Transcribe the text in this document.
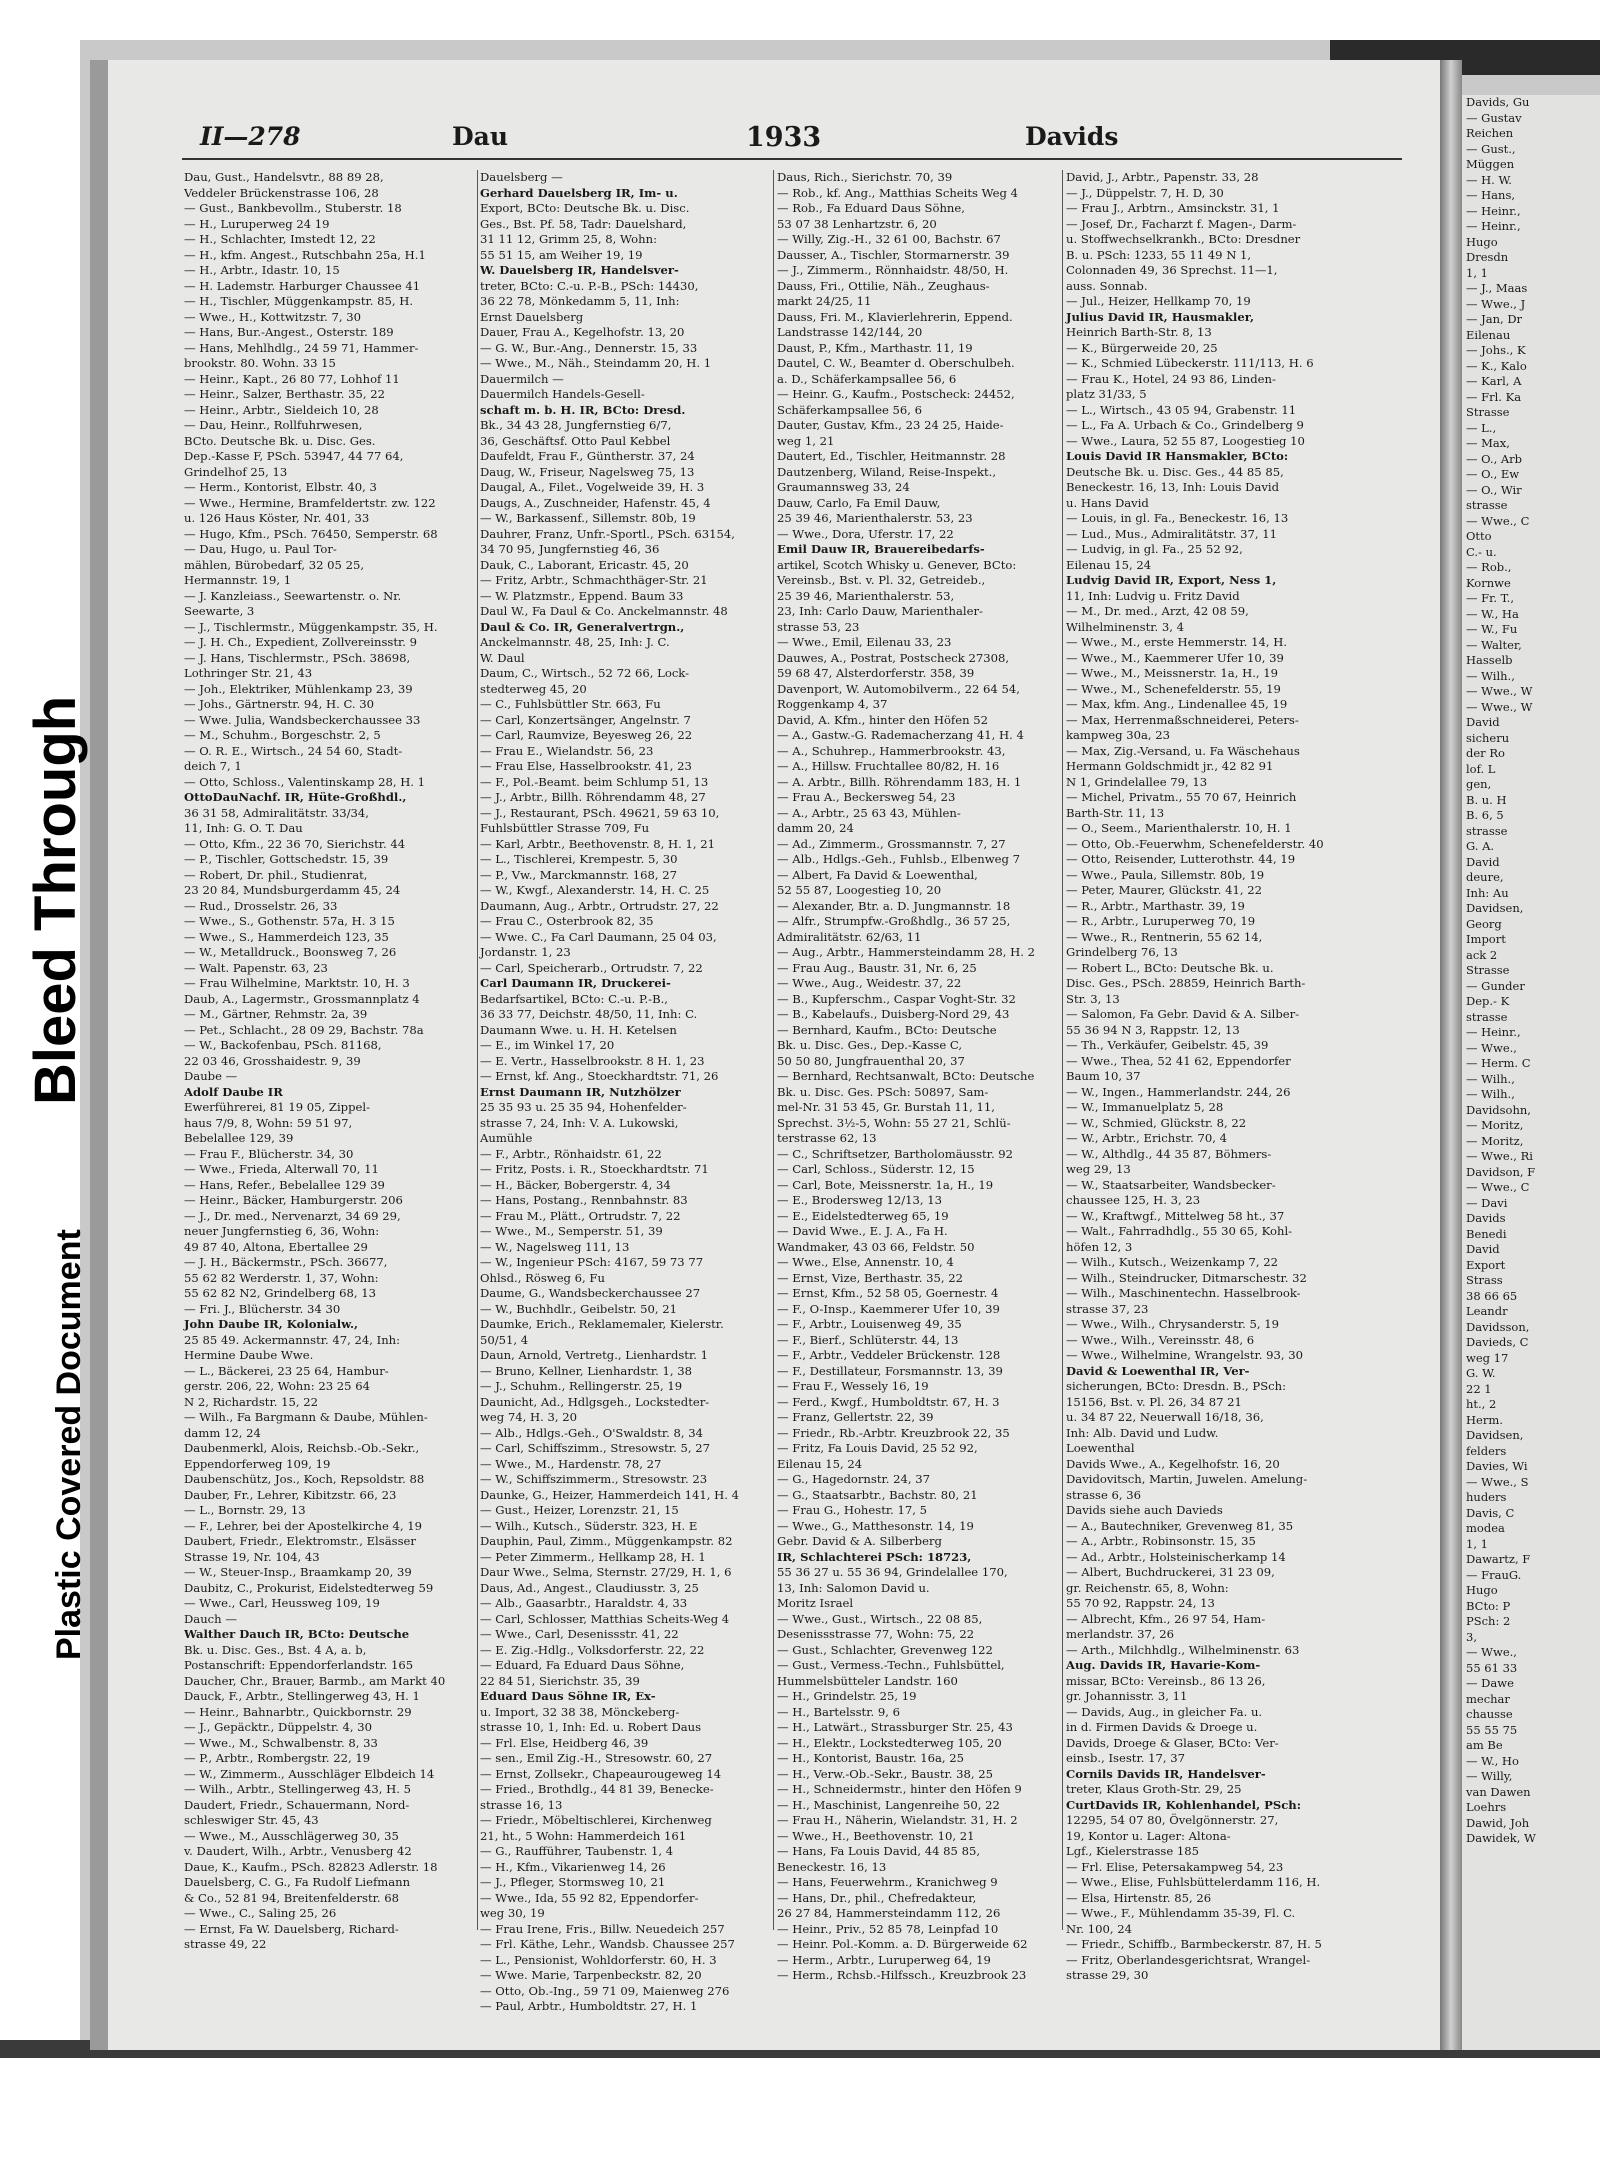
Davids, Gu
— Gustav
Reichen
— Gust.,
Müggen
— H. W.
— Hans,
— Heinr.,
— Heinr.,
Hugo
Dresdn
1, 1
— J., Maas
— Wwe., J
— Jan, Dr
Eilenau
— Johs., K
— K., Kalo
— Karl, A
— Frl. Ka
Strasse
— L.,
— Max,
— O., Arb
— O., Ew
— O., Wir
strasse
— Wwe., C
Otto
C.- u.
— Rob.,
Kornwe
— Fr. T.,
— W., Ha
— W., Fu
— Walter,
Hasselb
— Wilh.,
— Wwe., W
— Wwe., W
David
sicheru
der Ro
lof. L
gen,
B. u. H
B. 6, 5
strasse
G. A.
David
deure,
Inh: Au
Davidsen,
Georg
Import
ack 2
Strasse
— Gunder
Dep.- K
strasse
— Heinr.,
— Wwe.,
— Herm. C
— Wilh.,
— Wilh.,
Davidsohn,
— Moritz,
— Moritz,
— Wwe., Ri
Davidson, F
— Wwe., C
— Davi
Davids
Benedi
David
Export
Strass
38 66 65
Leandr
Davidsson,
Davieds, C
weg 17
G. W.
22 1
ht., 2
Herm.
Davidsen,
felders
Davies, Wi
— Wwe., S
huders
Davis, C
modea
1, 1
Dawartz, F
— FrauG.
Hugo
BCto: P
PSch: 2
3,
— Wwe.,
55 61 33
— Dawe
mechar
chausse
55 55 75
am Be
— W., Ho
— Willy,
van Dawen
Loehrs
Dawid, Joh
Dawidek, W
Bleed Through
Plastic Covered Document
II—278	Dau	1933	Davids
Dau, Gust., Handelsvtr., 88 89 28,
Veddeler Brückenstrasse 106, 28
— Gust., Bankbevollm., Stuberstr. 18
— H., Luruperweg 24 19
— H., Schlachter, Imstedt 12, 22
— H., kfm. Angest., Rutschbahn 25a, H.1
— H., Arbtr., Idastr. 10, 15
— H. Lademstr. Harburger Chaussee 41
— H., Tischler, Müggenkampstr. 85, H.
— Wwe., H., Kottwitzstr. 7, 30
— Hans, Bur.-Angest., Osterstr. 189
— Hans, Mehlhdlg., 24 59 71, Hammer-
brookstr. 80. Wohn. 33 15
— Heinr., Kapt., 26 80 77, Lohhof 11
— Heinr., Salzer, Berthastr. 35, 22
— Heinr., Arbtr., Sieldeich 10, 28
— Dau, Heinr., Rollfuhrwesen,
BCto. Deutsche Bk. u. Disc. Ges.
Dep.-Kasse F, PSch. 53947, 44 77 64,
Grindelhof 25, 13
— Herm., Kontorist, Elbstr. 40, 3
— Wwe., Hermine, Bramfeldertstr. zw. 122
u. 126 Haus Köster, Nr. 401, 33
— Hugo, Kfm., PSch. 76450, Semperstr. 68
— Dau, Hugo, u. Paul Tor-
mählen, Bürobedarf, 32 05 25,
Hermannstr. 19, 1
— J. Kanzleiass., Seewartenstr. o. Nr.
Seewarte, 3
— J., Tischlermstr., Müggenkampstr. 35, H.
— J. H. Ch., Expedient, Zollvereinsstr. 9
— J. Hans, Tischlermstr., PSch. 38698,
Lothringer Str. 21, 43
— Joh., Elektriker, Mühlenkamp 23, 39
— Johs., Gärtnerstr. 94, H. C. 30
— Wwe. Julia, Wandsbeckerchaussee 33
— M., Schuhm., Borgeschstr. 2, 5
— O. R. E., Wirtsch., 24 54 60, Stadt-
deich 7, 1
— Otto, Schloss., Valentinskamp 28, H. 1
OttoDauNachf. IR, Hüte-Großhdl.,
36 31 58, Admiralitätstr. 33/34,
11, Inh: G. O. T. Dau
— Otto, Kfm., 22 36 70, Sierichstr. 44
— P., Tischler, Gottschedstr. 15, 39
— Robert, Dr. phil., Studienrat,
23 20 84, Mundsburgerdamm 45, 24
— Rud., Drosselstr. 26, 33
— Wwe., S., Gothenstr. 57a, H. 3 15
— Wwe., S., Hammerdeich 123, 35
— W., Metalldruck., Boonsweg 7, 26
— Walt. Papenstr. 63, 23
— Frau Wilhelmine, Marktstr. 10, H. 3
Daub, A., Lagermstr., Grossmannplatz 4
— M., Gärtner, Rehmstr. 2a, 39
— Pet., Schlacht., 28 09 29, Bachstr. 78a
— W., Backofenbau, PSch. 81168,
22 03 46, Grosshaidestr. 9, 39
Daube —
Adolf Daube IR
Ewerführerei, 81 19 05, Zippel-
haus 7/9, 8, Wohn: 59 51 97,
Bebelallee 129, 39
— Frau F., Blücherstr. 34, 30
— Wwe., Frieda, Alterwall 70, 11
— Hans, Refer., Bebelallee 129 39
— Heinr., Bäcker, Hamburgerstr. 206
— J., Dr. med., Nervenarzt, 34 69 29,
neuer Jungfernstieg 6, 36, Wohn:
49 87 40, Altona, Ebertallee 29
— J. H., Bäckermstr., PSch. 36677,
55 62 82 Werderstr. 1, 37, Wohn:
55 62 82 N2, Grindelberg 68, 13
— Fri. J., Blücherstr. 34 30
John Daube IR, Kolonialw.,
25 85 49. Ackermannstr. 47, 24, Inh:
Hermine Daube Wwe.
— L., Bäckerei, 23 25 64, Hambur-
gerstr. 206, 22, Wohn: 23 25 64
N 2, Richardstr. 15, 22
— Wilh., Fa Bargmann & Daube, Mühlen-
damm 12, 24
Daubenmerkl, Alois, Reichsb.-Ob.-Sekr.,
Eppendorferweg 109, 19
Daubenschütz, Jos., Koch, Repsoldstr. 88
Dauber, Fr., Lehrer, Kibitzstr. 66, 23
— L., Bornstr. 29, 13
— F., Lehrer, bei der Apostelkirche 4, 19
Daubert, Friedr., Elektromstr., Elsässer
Strasse 19, Nr. 104, 43
— W., Steuer-Insp., Braamkamp 20, 39
Daubitz, C., Prokurist, Eidelstedterweg 59
— Wwe., Carl, Heussweg 109, 19
Dauch —
Walther Dauch IR, BCto: Deutsche
Bk. u. Disc. Ges., Bst. 4 A, a. b,
Postanschrift: Eppendorferlandstr. 165
Daucher, Chr., Brauer, Barmb., am Markt 40
Dauck, F., Arbtr., Stellingerweg 43, H. 1
— Heinr., Bahnarbtr., Quickbornstr. 29
— J., Gepäcktr., Düppelstr. 4, 30
— Wwe., M., Schwalbenstr. 8, 33
— P., Arbtr., Rombergstr. 22, 19
— W., Zimmerm., Ausschläger Elbdeich 14
— Wilh., Arbtr., Stellingerweg 43, H. 5
Daudert, Friedr., Schauermann, Nord-
schleswiger Str. 45, 43
— Wwe., M., Ausschlägerweg 30, 35
v. Daudert, Wilh., Arbtr., Venusberg 42
Daue, K., Kaufm., PSch. 82823 Adlerstr. 18
Dauelsberg, C. G., Fa Rudolf Liefmann
& Co., 52 81 94, Breitenfelderstr. 68
— Wwe., C., Saling 25, 26
— Ernst, Fa W. Dauelsberg, Richard-
strasse 49, 22
Dauelsberg —
Gerhard Dauelsberg IR, Im- u.
Export, BCto: Deutsche Bk. u. Disc.
Ges., Bst. Pf. 58, Tadr: Dauelshard,
31 11 12, Grimm 25, 8, Wohn:
55 51 15, am Weiher 19, 19
W. Dauelsberg IR, Handelsver-
treter, BCto: C.-u. P.-B., PSch: 14430,
36 22 78, Mönkedamm 5, 11, Inh:
Ernst Dauelsberg
Dauer, Frau A., Kegelhofstr. 13, 20
— G. W., Bur.-Ang., Dennerstr. 15, 33
— Wwe., M., Näh., Steindamm 20, H. 1
Dauermilch —
Dauermilch Handels-Gesell-
schaft m. b. H. IR, BCto: Dresd.
Bk., 34 43 28, Jungfernstieg 6/7,
36, Geschäftsf. Otto Paul Kebbel
Daufeldt, Frau F., Güntherstr. 37, 24
Daug, W., Friseur, Nagelsweg 75, 13
Daugal, A., Filet., Vogelweide 39, H. 3
Daugs, A., Zuschneider, Hafenstr. 45, 4
— W., Barkassenf., Sillemstr. 80b, 19
Dauhrer, Franz, Unfr.-Sportl., PSch. 63154,
34 70 95, Jungfernstieg 46, 36
Dauk, C., Laborant, Ericastr. 45, 20
— Fritz, Arbtr., Schmachthäger-Str. 21
— W. Platzmstr., Eppend. Baum 33
Daul W., Fa Daul & Co. Anckelmannstr. 48
Daul & Co. IR, Generalvertrgn.,
Anckelmannstr. 48, 25, Inh: J. C.
W. Daul
Daum, C., Wirtsch., 52 72 66, Lock-
stedterweg 45, 20
— C., Fuhlsbüttler Str. 663, Fu
— Carl, Konzertsänger, Angelnstr. 7
— Carl, Raumvize, Beyesweg 26, 22
— Frau E., Wielandstr. 56, 23
— Frau Else, Hasselbrookstr. 41, 23
— F., Pol.-Beamt. beim Schlump 51, 13
— J., Arbtr., Billh. Röhrendamm 48, 27
— J., Restaurant, PSch. 49621, 59 63 10,
Fuhlsbüttler Strasse 709, Fu
— Karl, Arbtr., Beethovenstr. 8, H. 1, 21
— L., Tischlerei, Krempestr. 5, 30
— P., Vw., Marckmannstr. 168, 27
— W., Kwgf., Alexanderstr. 14, H. C. 25
Daumann, Aug., Arbtr., Ortrudstr. 27, 22
— Frau C., Osterbrook 82, 35
— Wwe. C., Fa Carl Daumann, 25 04 03,
Jordanstr. 1, 23
— Carl, Speicherarb., Ortrudstr. 7, 22
Carl Daumann IR, Druckerei-
Bedarfsartikel, BCto: C.-u. P.-B.,
36 33 77, Deichstr. 48/50, 11, Inh: C.
Daumann Wwe. u. H. H. Ketelsen
— E., im Winkel 17, 20
— E. Vertr., Hasselbrookstr. 8 H. 1, 23
— Ernst, kf. Ang., Stoeckhardtstr. 71, 26
Ernst Daumann IR, Nutzhölzer
25 35 93 u. 25 35 94, Hohenfelder-
strasse 7, 24, Inh: V. A. Lukowski,
Aumühle
— F., Arbtr., Rönhaidstr. 61, 22
— Fritz, Posts. i. R., Stoeckhardtstr. 71
— H., Bäcker, Bobergerstr. 4, 34
— Hans, Postang., Rennbahnstr. 83
— Frau M., Plätt., Ortrudstr. 7, 22
— Wwe., M., Semperstr. 51, 39
— W., Nagelsweg 111, 13
— W., Ingenieur PSch: 4167, 59 73 77
Ohlsd., Rösweg 6, Fu
Daume, G., Wandsbeckerchaussee 27
— W., Buchhdlr., Geibelstr. 50, 21
Daumke, Erich., Reklamemaler, Kielerstr.
50/51, 4
Daun, Arnold, Vertretg., Lienhardstr. 1
— Bruno, Kellner, Lienhardstr. 1, 38
— J., Schuhm., Rellingerstr. 25, 19
Daunicht, Ad., Hdlgsgeh., Lockstedter-
weg 74, H. 3, 20
— Alb., Hdlgs.-Geh., O'Swaldstr. 8, 34
— Carl, Schiffszimm., Stresowstr. 5, 27
— Wwe., M., Hardenstr. 78, 27
— W., Schiffszimmerm., Stresowstr. 23
Daunke, G., Heizer, Hammerdeich 141, H. 4
— Gust., Heizer, Lorenzstr. 21, 15
— Wilh., Kutsch., Süderstr. 323, H. E
Dauphin, Paul, Zimm., Müggenkampstr. 82
— Peter Zimmerm., Hellkamp 28, H. 1
Daur Wwe., Selma, Sternstr. 27/29, H. 1, 6
Daus, Ad., Angest., Claudiusstr. 3, 25
— Alb., Gaasarbtr., Haraldstr. 4, 33
— Carl, Schlosser, Matthias Scheits-Weg 4
— Wwe., Carl, Desenissstr. 41, 22
— E. Zig.-Hdlg., Volksdorferstr. 22, 22
— Eduard, Fa Eduard Daus Söhne,
22 84 51, Sierichstr. 35, 39
Eduard Daus Söhne IR, Ex-
u. Import, 32 38 38, Mönckeberg-
strasse 10, 1, Inh: Ed. u. Robert Daus
— Frl. Else, Heidberg 46, 39
— sen., Emil Zig.-H., Stresowstr. 60, 27
— Ernst, Zollsekr., Chapeaurougeweg 14
— Fried., Brothdlg., 44 81 39, Benecke-
strasse 16, 13
— Friedr., Möbeltischlerei, Kirchenweg
21, ht., 5 Wohn: Hammerdeich 161
— G., Raufführer, Taubenstr. 1, 4
— H., Kfm., Vikarienweg 14, 26
— J., Pfleger, Stormsweg 10, 21
— Wwe., Ida, 55 92 82, Eppendorfer-
weg 30, 19
— Frau Irene, Fris., Billw. Neuedeich 257
— Frl. Käthe, Lehr., Wandsb. Chaussee 257
— L., Pensionist, Wohldorferstr. 60, H. 3
— Wwe. Marie, Tarpenbeckstr. 82, 20
— Otto, Ob.-Ing., 59 71 09, Maienweg 276
— Paul, Arbtr., Humboldtstr. 27, H. 1
Daus, Rich., Sierichstr. 70, 39
— Rob., kf. Ang., Matthias Scheits Weg 4
— Rob., Fa Eduard Daus Söhne,
53 07 38 Lenhartzstr. 6, 20
— Willy, Zig.-H., 32 61 00, Bachstr. 67
Dausser, A., Tischler, Stormarnerstr. 39
— J., Zimmerm., Rönnhaidstr. 48/50, H.
Dauss, Fri., Ottilie, Näh., Zeughaus-
markt 24/25, 11
Dauss, Fri. M., Klavierlehrerin, Eppend.
Landstrasse 142/144, 20
Daust, P., Kfm., Marthastr. 11, 19
Dautel, C. W., Beamter d. Oberschulbeh.
a. D., Schäferkampsallee 56, 6
— Heinr. G., Kaufm., Postscheck: 24452,
Schäferkampsallee 56, 6
Dauter, Gustav, Kfm., 23 24 25, Haide-
weg 1, 21
Dautert, Ed., Tischler, Heitmannstr. 28
Dautzenberg, Wiland, Reise-Inspekt.,
Graumannsweg 33, 24
Dauw, Carlo, Fa Emil Dauw,
25 39 46, Marienthalerstr. 53, 23
— Wwe., Dora, Uferstr. 17, 22
Emil Dauw IR, Brauereibedarfs-
artikel, Scotch Whisky u. Genever, BCto:
Vereinsb., Bst. v. Pl. 32, Getreideb.,
25 39 46, Marienthalerstr. 53,
23, Inh: Carlo Dauw, Marienthaler-
strasse 53, 23
— Wwe., Emil, Eilenau 33, 23
Dauwes, A., Postrat, Postscheck 27308,
59 68 47, Alsterdorferstr. 358, 39
Davenport, W. Automobilverm., 22 64 54,
Roggenkamp 4, 37
David, A. Kfm., hinter den Höfen 52
— A., Gastw.-G. Rademacherzang 41, H. 4
— A., Schuhrep., Hammerbrookstr. 43,
— A., Hillsw. Fruchtallee 80/82, H. 16
— A. Arbtr., Billh. Röhrendamm 183, H. 1
— Frau A., Beckersweg 54, 23
— A., Arbtr., 25 63 43, Mühlen-
damm 20, 24
— Ad., Zimmerm., Grossmannstr. 7, 27
— Alb., Hdlgs.-Geh., Fuhlsb., Elbenweg 7
— Albert, Fa David & Loewenthal,
52 55 87, Loogestieg 10, 20
— Alexander, Btr. a. D. Jungmannstr. 18
— Alfr., Strumpfw.-Großhdlg., 36 57 25,
Admiralitätstr. 62/63, 11
— Aug., Arbtr., Hammersteindamm 28, H. 2
— Frau Aug., Baustr. 31, Nr. 6, 25
— Wwe., Aug., Weidestr. 37, 22
— B., Kupferschm., Caspar Voght-Str. 32
— B., Kabelaufs., Duisberg-Nord 29, 43
— Bernhard, Kaufm., BCto: Deutsche
Bk. u. Disc. Ges., Dep.-Kasse C,
50 50 80, Jungfrauenthal 20, 37
— Bernhard, Rechtsanwalt, BCto: Deutsche
Bk. u. Disc. Ges. PSch: 50897, Sam-
mel-Nr. 31 53 45, Gr. Burstah 11, 11,
Sprechst. 3½-5, Wohn: 55 27 21, Schlü-
terstrasse 62, 13
— C., Schriftsetzer, Bartholomäusstr. 92
— Carl, Schloss., Süderstr. 12, 15
— Carl, Bote, Meissnerstr. 1a, H., 19
— E., Brodersweg 12/13, 13
— E., Eidelstedterweg 65, 19
— David Wwe., E. J. A., Fa H.
Wandmaker, 43 03 66, Feldstr. 50
— Wwe., Else, Annenstr. 10, 4
— Ernst, Vize, Berthastr. 35, 22
— Ernst, Kfm., 52 58 05, Goernestr. 4
— F., O-Insp., Kaemmerer Ufer 10, 39
— F., Arbtr., Louisenweg 49, 35
— F., Bierf., Schlüterstr. 44, 13
— F., Arbtr., Veddeler Brückenstr. 128
— F., Destillateur, Forsmannstr. 13, 39
— Frau F., Wessely 16, 19
— Ferd., Kwgf., Humboldtstr. 67, H. 3
— Franz, Gellertstr. 22, 39
— Friedr., Rb.-Arbtr. Kreuzbrook 22, 35
— Fritz, Fa Louis David, 25 52 92,
Eilenau 15, 24
— G., Hagedornstr. 24, 37
— G., Staatsarbtr., Bachstr. 80, 21
— Frau G., Hohestr. 17, 5
— Wwe., G., Matthesonstr. 14, 19
Gebr. David & A. Silberberg
IR, Schlachterei PSch: 18723,
55 36 27 u. 55 36 94, Grindelallee 170,
13, Inh: Salomon David u.
Moritz Israel
— Wwe., Gust., Wirtsch., 22 08 85,
Desenissstrasse 77, Wohn: 75, 22
— Gust., Schlachter, Grevenweg 122
— Gust., Vermess.-Techn., Fuhlsbüttel,
Hummelsbütteler Landstr. 160
— H., Grindelstr. 25, 19
— H., Bartelsstr. 9, 6
— H., Latwärt., Strassburger Str. 25, 43
— H., Elektr., Lockstedterweg 105, 20
— H., Kontorist, Baustr. 16a, 25
— H., Verw.-Ob.-Sekr., Baustr. 38, 25
— H., Schneidermstr., hinter den Höfen 9
— H., Maschinist, Langenreihe 50, 22
— Frau H., Näherin, Wielandstr. 31, H. 2
— Wwe., H., Beethovenstr. 10, 21
— Hans, Fa Louis David, 44 85 85,
Beneckestr. 16, 13
— Hans, Feuerwehrm., Kranichweg 9
— Hans, Dr., phil., Chefredakteur,
26 27 84, Hammersteindamm 112, 26
— Heinr., Priv., 52 85 78, Leinpfad 10
— Heinr. Pol.-Komm. a. D. Bürgerweide 62
— Herm., Arbtr., Luruperweg 64, 19
— Herm., Rchsb.-Hilfssch., Kreuzbrook 23
David, J., Arbtr., Papenstr. 33, 28
— J., Düppelstr. 7, H. D, 30
— Frau J., Arbtrn., Amsinckstr. 31, 1
— Josef, Dr., Facharzt f. Magen-, Darm-
u. Stoffwechselkrankh., BCto: Dresdner
B. u. PSch: 1233, 55 11 49 N 1,
Colonnaden 49, 36 Sprechst. 11—1,
auss. Sonnab.
— Jul., Heizer, Hellkamp 70, 19
Julius David IR, Hausmakler,
Heinrich Barth-Str. 8, 13
— K., Bürgerweide 20, 25
— K., Schmied Lübeckerstr. 111/113, H. 6
— Frau K., Hotel, 24 93 86, Linden-
platz 31/33, 5
— L., Wirtsch., 43 05 94, Grabenstr. 11
— L., Fa A. Urbach & Co., Grindelberg 9
— Wwe., Laura, 52 55 87, Loogestieg 10
Louis David IR Hansmakler, BCto:
Deutsche Bk. u. Disc. Ges., 44 85 85,
Beneckestr. 16, 13, Inh: Louis David
u. Hans David
— Louis, in gl. Fa., Beneckestr. 16, 13
— Lud., Mus., Admiralitätstr. 37, 11
— Ludvig, in gl. Fa., 25 52 92,
Eilenau 15, 24
Ludvig David IR, Export, Ness 1,
11, Inh: Ludvig u. Fritz David
— M., Dr. med., Arzt, 42 08 59,
Wilhelminenstr. 3, 4
— Wwe., M., erste Hemmerstr. 14, H.
— Wwe., M., Kaemmerer Ufer 10, 39
— Wwe., M., Meissnerstr. 1a, H., 19
— Wwe., M., Schenefelderstr. 55, 19
— Max, kfm. Ang., Lindenallee 45, 19
— Max, Herrenmaßschneiderei, Peters-
kampweg 30a, 23
— Max, Zig.-Versand, u. Fa Wäschehaus
Hermann Goldschmidt jr., 42 82 91
N 1, Grindelallee 79, 13
— Michel, Privatm., 55 70 67, Heinrich
Barth-Str. 11, 13
— O., Seem., Marienthalerstr. 10, H. 1
— Otto, Ob.-Feuerwhm, Schenefelderstr. 40
— Otto, Reisender, Lutterothstr. 44, 19
— Wwe., Paula, Sillemstr. 80b, 19
— Peter, Maurer, Glückstr. 41, 22
— R., Arbtr., Marthastr. 39, 19
— R., Arbtr., Luruperweg 70, 19
— Wwe., R., Rentnerin, 55 62 14,
Grindelberg 76, 13
— Robert L., BCto: Deutsche Bk. u.
Disc. Ges., PSch. 28859, Heinrich Barth-
Str. 3, 13
— Salomon, Fa Gebr. David & A. Silber-
55 36 94 N 3, Rappstr. 12, 13
— Th., Verkäufer, Geibelstr. 45, 39
— Wwe., Thea, 52 41 62, Eppendorfer
Baum 10, 37
— W., Ingen., Hammerlandstr. 244, 26
— W., Immanuelplatz 5, 28
— W., Schmied, Glückstr. 8, 22
— W., Arbtr., Erichstr. 70, 4
— W., Althdlg., 44 35 87, Böhmers-
weg 29, 13
— W., Staatsarbeiter, Wandsbecker-
chaussee 125, H. 3, 23
— W., Kraftwgf., Mittelweg 58 ht., 37
— Walt., Fahrradhdlg., 55 30 65, Kohl-
höfen 12, 3
— Wilh., Kutsch., Weizenkamp 7, 22
— Wilh., Steindrucker, Ditmarschestr. 32
— Wilh., Maschinentechn. Hasselbrook-
strasse 37, 23
— Wwe., Wilh., Chrysanderstr. 5, 19
— Wwe., Wilh., Vereinsstr. 48, 6
— Wwe., Wilhelmine, Wrangelstr. 93, 30
David & Loewenthal IR, Ver-
sicherungen, BCto: Dresdn. B., PSch:
15156, Bst. v. Pl. 26, 34 87 21
u. 34 87 22, Neuerwall 16/18, 36,
Inh: Alb. David und Ludw.
Loewenthal
Davids Wwe., A., Kegelhofstr. 16, 20
Davidovitsch, Martin, Juwelen. Amelung-
strasse 6, 36
Davids siehe auch Davieds
— A., Bautechniker, Grevenweg 81, 35
— A., Arbtr., Robinsonstr. 15, 35
— Ad., Arbtr., Holsteinischerkamp 14
— Albert, Buchdruckerei, 31 23 09,
gr. Reichenstr. 65, 8, Wohn:
55 70 92, Rappstr. 24, 13
— Albrecht, Kfm., 26 97 54, Ham-
merlandstr. 37, 26
— Arth., Milchhdlg., Wilhelminenstr. 63
Aug. Davids IR, Havarie-Kom-
missar, BCto: Vereinsb., 86 13 26,
gr. Johannisstr. 3, 11
— Davids, Aug., in gleicher Fa. u.
in d. Firmen Davids & Droege u.
Davids, Droege & Glaser, BCto: Ver-
einsb., Isestr. 17, 37
Cornils Davids IR, Handelsver-
treter, Klaus Groth-Str. 29, 25
CurtDavids IR, Kohlenhandel, PSch:
12295, 54 07 80, Övelgönnerstr. 27,
19, Kontor u. Lager: Altona-
Lgf., Kielerstrasse 185
— Frl. Elise, Petersakampweg 54, 23
— Wwe., Elise, Fuhlsbüttelerdamm 116, H.
— Elsa, Hirtenstr. 85, 26
— Wwe., F., Mühlendamm 35-39, Fl. C.
Nr. 100, 24
— Friedr., Schiffb., Barmbeckerstr. 87, H. 5
— Fritz, Oberlandesgerichtsrat, Wrangel-
strasse 29, 30
